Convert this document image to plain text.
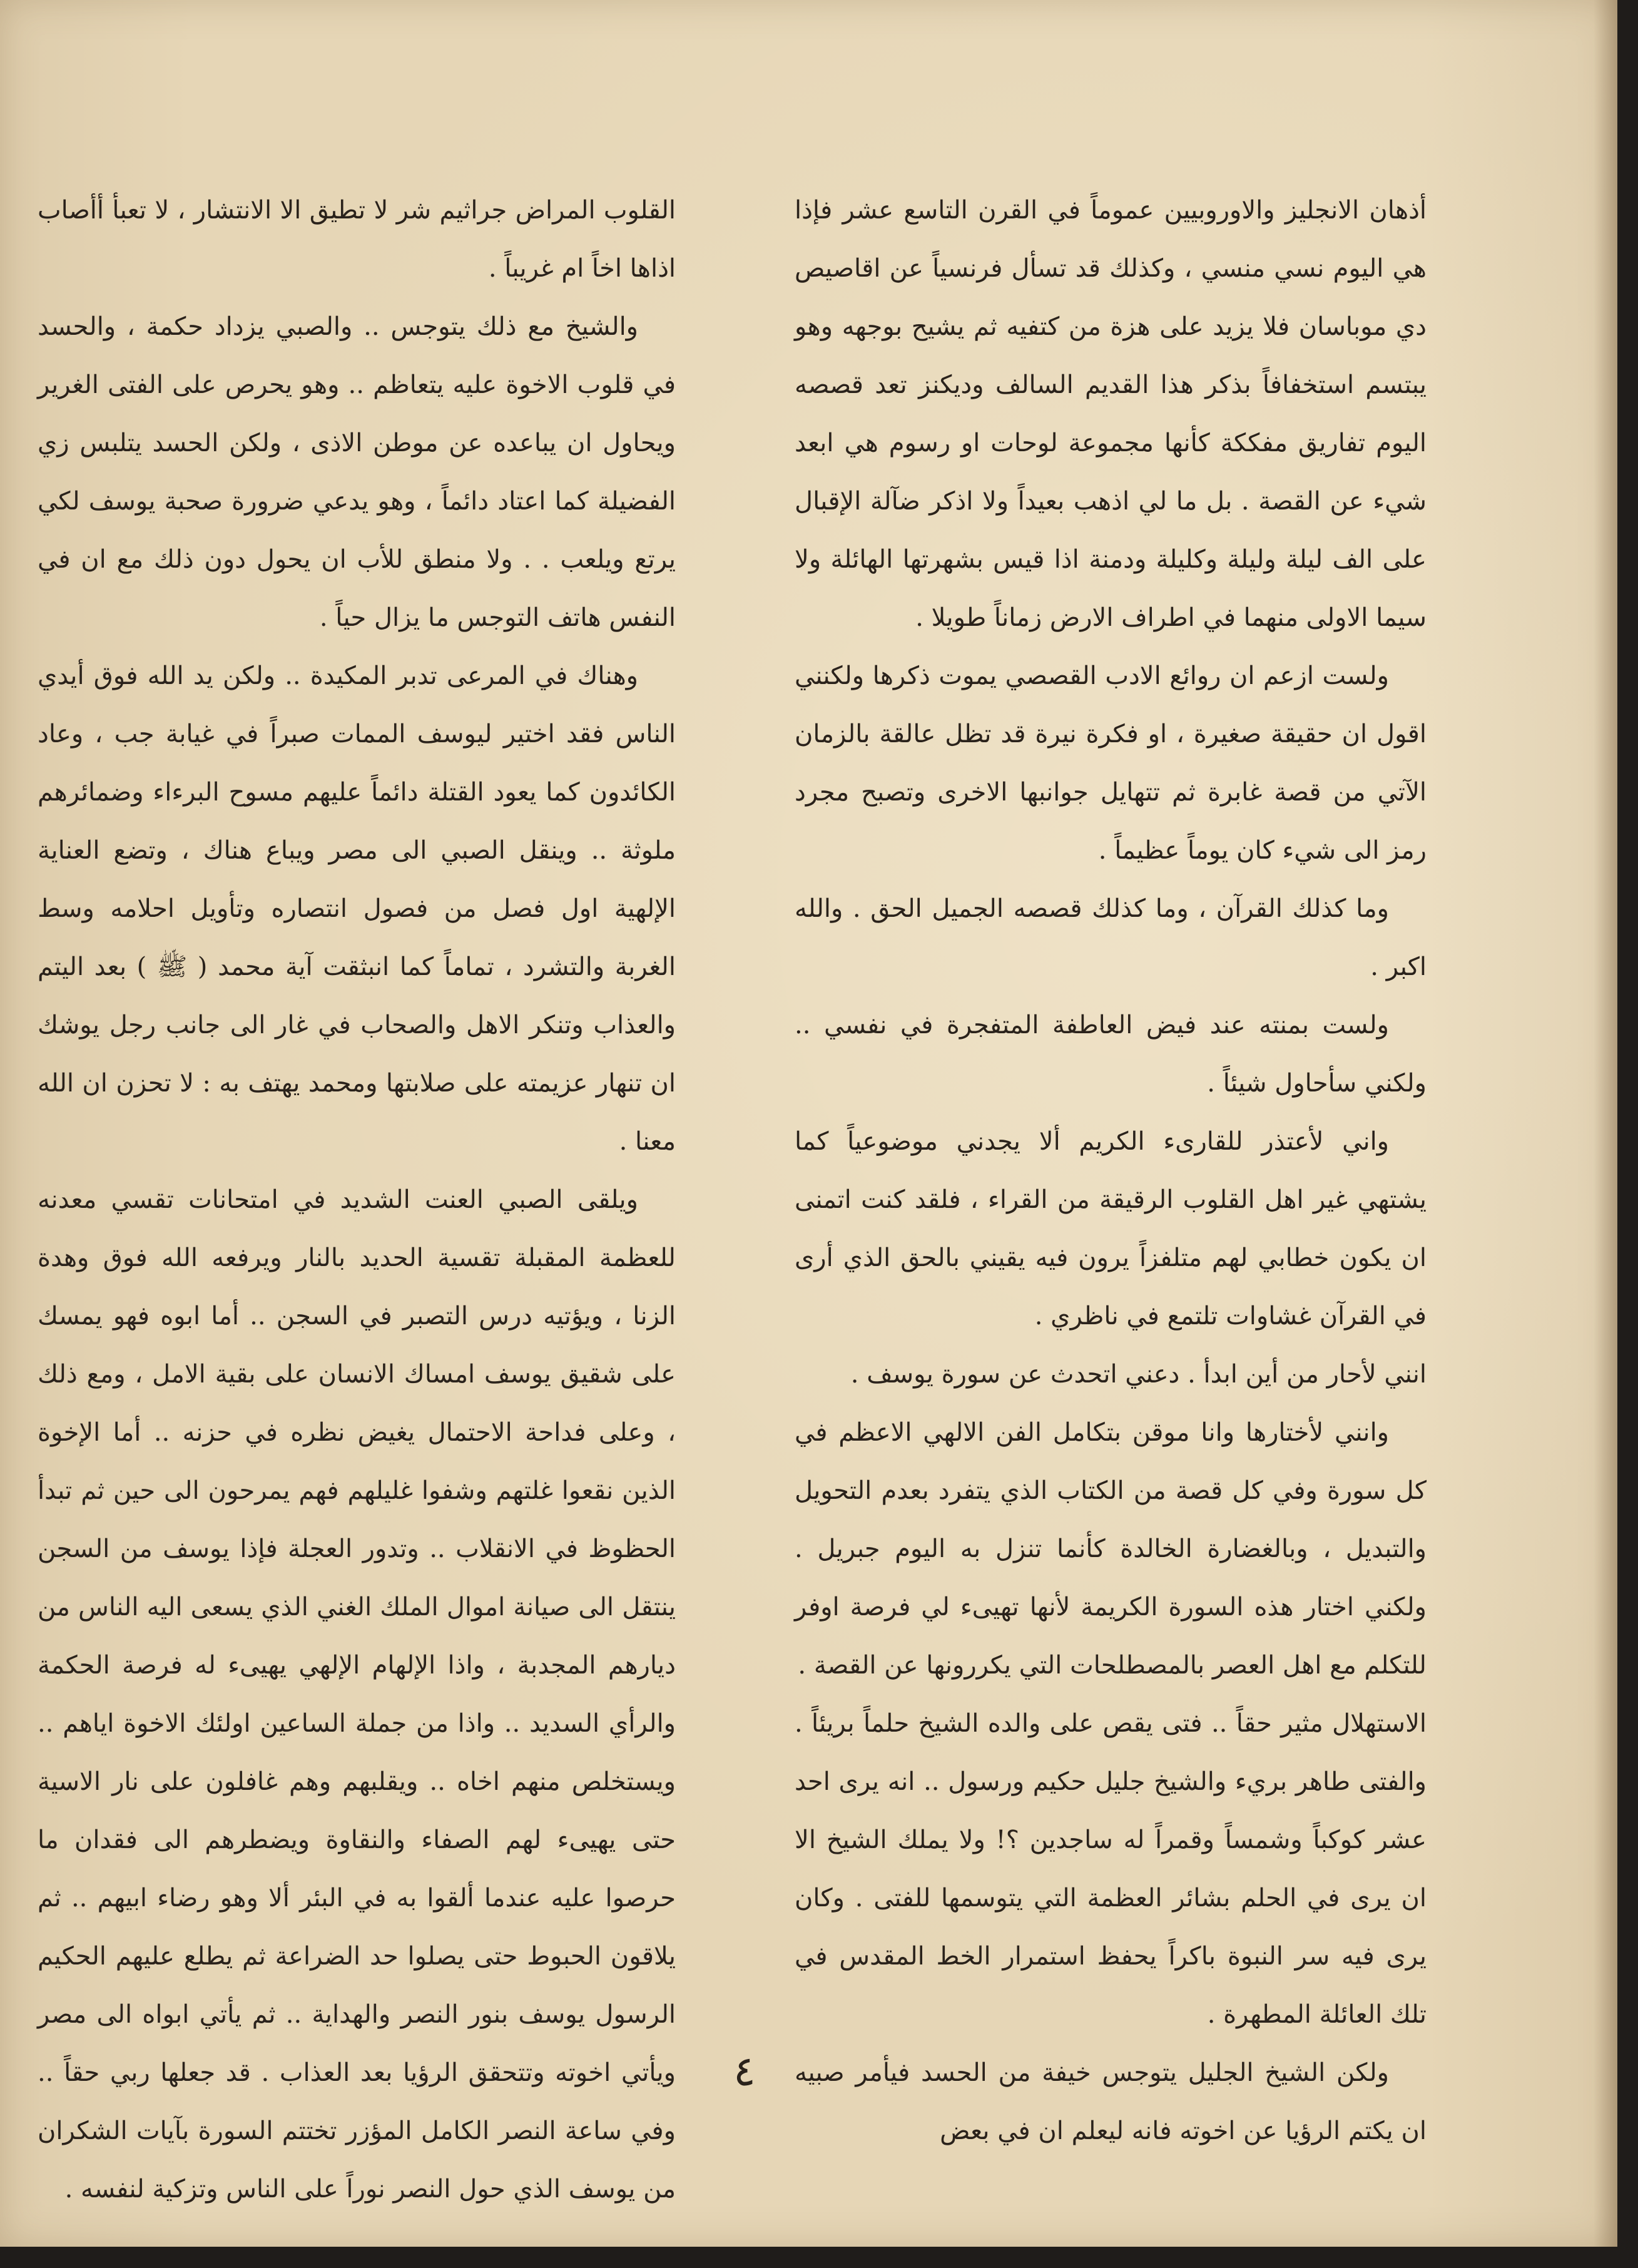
أذهان الانجليز والاوروبيين عموماً في القرن التاسع عشر فإذا هي اليوم نسي منسي ، وكذلك قد تسأل فرنسياً عن اقاصيص دي موباسان فلا يزيد على هزة من كتفيه ثم يشيح بوجهه وهو يبتسم استخفافاً بذكر هذا القديم السالف وديكنز تعد قصصه اليوم تفاريق مفككة كأنها مجموعة لوحات او رسوم هي ابعد شيء عن القصة . بل ما لي اذهب بعيداً ولا اذكر ضآلة الإقبال على الف ليلة وليلة وكليلة ودمنة اذا قيس بشهرتها الهائلة ولا سيما الاولى منهما في اطراف الارض زماناً طويلا .

ولست ازعم ان روائع الادب القصصي يموت ذكرها ولكنني اقول ان حقيقة صغيرة ، او فكرة نيرة قد تظل عالقة بالزمان الآتي من قصة غابرة ثم تتهايل جوانبها الاخرى وتصبح مجرد رمز الى شيء كان يوماً عظيماً .

وما كذلك القرآن ، وما كذلك قصصه الجميل الحق . والله اكبر .

ولست بمنته عند فيض العاطفة المتفجرة في نفسي .. ولكني سأحاول شيئاً .

واني لأعتذر للقارىء الكريم ألا يجدني موضوعياً كما يشتهي غير اهل القلوب الرقيقة من القراء ، فلقد كنت اتمنى ان يكون خطابي لهم متلفزاً يرون فيه يقيني بالحق الذي أرى في القرآن غشاوات تلتمع في ناظري .

انني لأحار من أين ابدأ . دعني اتحدث عن سورة يوسف .

وانني لأختارها وانا موقن بتكامل الفن الالهي الاعظم في كل سورة وفي كل قصة من الكتاب الذي يتفرد بعدم التحويل والتبديل ، وبالغضارة الخالدة كأنما تنزل به اليوم جبريل . ولكني اختار هذه السورة الكريمة لأنها تهيىء لي فرصة اوفر للتكلم مع اهل العصر بالمصطلحات التي يكررونها عن القصة .

الاستهلال مثير حقاً .. فتى يقص على والده الشيخ حلماً بريئاً . والفتى طاهر بريء والشيخ جليل حكيم ورسول .. انه يرى احد عشر كوكباً وشمساً وقمراً له ساجدين ؟! ولا يملك الشيخ الا ان يرى في الحلم بشائر العظمة التي يتوسمها للفتى . وكان يرى فيه سر النبوة باكراً يحفظ استمرار الخط المقدس في تلك العائلة المطهرة .

ولكن الشيخ الجليل يتوجس خيفة من الحسد فيأمر صبيه ان يكتم الرؤيا عن اخوته فانه ليعلم ان في بعض

القلوب المراض جراثيم شر لا تطيق الا الانتشار ، لا تعبأ أأصاب اذاها اخاً ام غريباً .

والشيخ مع ذلك يتوجس .. والصبي يزداد حكمة ، والحسد في قلوب الاخوة عليه يتعاظم .. وهو يحرص على الفتى الغرير ويحاول ان يباعده عن موطن الاذى ، ولكن الحسد يتلبس زي الفضيلة كما اعتاد دائماً ، وهو يدعي ضرورة صحبة يوسف لكي يرتع ويلعب . . ولا منطق للأب ان يحول دون ذلك مع ان في النفس هاتف التوجس ما يزال حياً .

وهناك في المرعى تدبر المكيدة .. ولكن يد الله فوق أيدي الناس فقد اختير ليوسف الممات صبراً في غيابة جب ، وعاد الكائدون كما يعود القتلة دائماً عليهم مسوح البرءاء وضمائرهم ملوثة .. وينقل الصبي الى مصر ويباع هناك ، وتضع العناية الإلهية اول فصل من فصول انتصاره وتأويل احلامه وسط الغربة والتشرد ، تماماً كما انبثقت آية محمد ( ﷺ ) بعد اليتم والعذاب وتنكر الاهل والصحاب في غار الى جانب رجل يوشك ان تنهار عزيمته على صلابتها ومحمد يهتف به : لا تحزن ان الله معنا .

ويلقى الصبي العنت الشديد في امتحانات تقسي معدنه للعظمة المقبلة تقسية الحديد بالنار ويرفعه الله فوق وهدة الزنا ، ويؤتيه درس التصبر في السجن .. أما ابوه فهو يمسك على شقيق يوسف امساك الانسان على بقية الامل ، ومع ذلك ، وعلى فداحة الاحتمال يغيض نظره في حزنه .. أما الإخوة الذين نقعوا غلتهم وشفوا غليلهم فهم يمرحون الى حين ثم تبدأ الحظوظ في الانقلاب .. وتدور العجلة فإذا يوسف من السجن ينتقل الى صيانة اموال الملك الغني الذي يسعى اليه الناس من ديارهم المجدبة ، واذا الإلهام الإلهي يهيىء له فرصة الحكمة والرأي السديد .. واذا من جملة الساعين اولئك الاخوة اياهم .. ويستخلص منهم اخاه .. ويقلبهم وهم غافلون على نار الاسية حتى يهيىء لهم الصفاء والنقاوة ويضطرهم الى فقدان ما حرصوا عليه عندما ألقوا به في البئر ألا وهو رضاء ابيهم .. ثم يلاقون الحبوط حتى يصلوا حد الضراعة ثم يطلع عليهم الحكيم الرسول يوسف بنور النصر والهداية .. ثم يأتي ابواه الى مصر ويأتي اخوته وتتحقق الرؤيا بعد العذاب . قد جعلها ربي حقاً .. وفي ساعة النصر الكامل المؤزر تختتم السورة بآيات الشكران من يوسف الذي حول النصر نوراً على الناس وتزكية لنفسه .

٤
